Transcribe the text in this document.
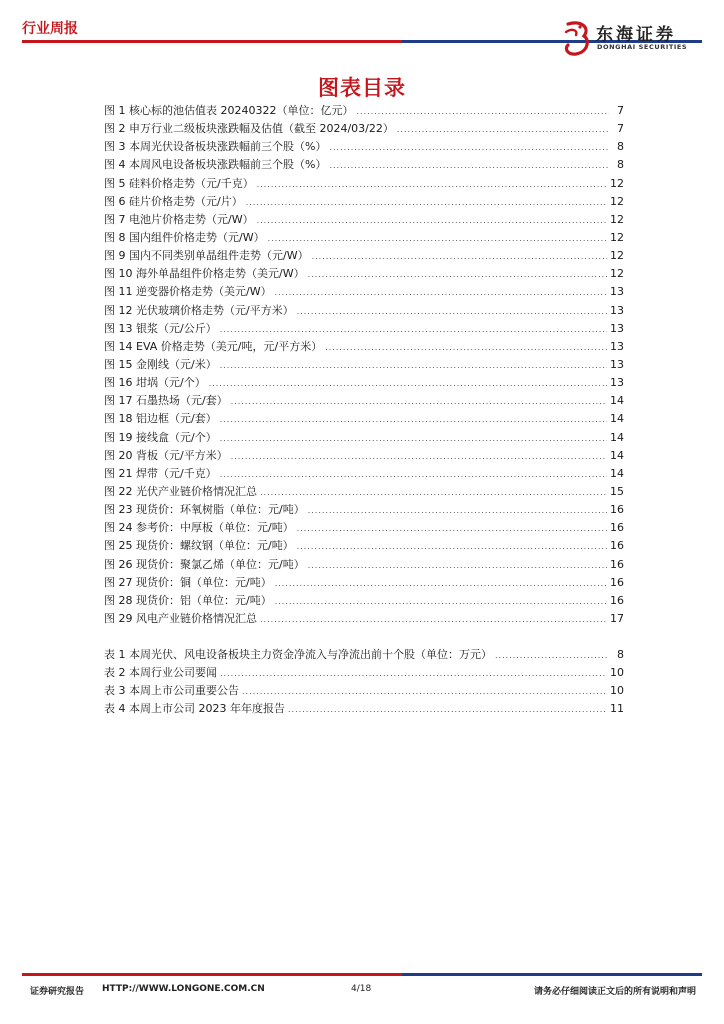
行业周报	东海证券
DONGHAI SECURITIES
图表目录
图 1 核心标的池估值表 20240322（单位：亿元） .....	7
图 2 申万行业二级板块涨跌幅及估值（截至 2024/03/22） .....	7
图 3 本周光伏设备板块涨跌幅前三个股（%） .....	8
图 4 本周风电设备板块涨跌幅前三个股（%） .....	8
图 5 硅料价格走势（元/千克） .....	12
图 6 硅片价格走势（元/片） .....	12
图 7 电池片价格走势（元/W） .....	12
图 8 国内组件价格走势（元/W） .....	12
图 9 国内不同类别单晶组件走势（元/W） .....	12
图 10 海外单晶组件价格走势（美元/W） .....	12
图 11 逆变器价格走势（美元/W） .....	13
图 12 光伏玻璃价格走势（元/平方米） .....	13
图 13 银浆（元/公斤） .....	13
图 14 EVA 价格走势（美元/吨，元/平方米） .....	13
图 15 金刚线（元/米） .....	13
图 16 坩埚（元/个） .....	13
图 17 石墨热场（元/套） .....	14
图 18 铝边框（元/套） .....	14
图 19 接线盒（元/个） .....	14
图 20 背板（元/平方米） .....	14
图 21 焊带（元/千克） .....	14
图 22 光伏产业链价格情况汇总 .....	15
图 23 现货价：环氧树脂（单位：元/吨） .....	16
图 24 参考价：中厚板（单位：元/吨） .....	16
图 25 现货价：螺纹钢（单位：元/吨） .....	16
图 26 现货价：聚氯乙烯（单位：元/吨） .....	16
图 27 现货价：铜（单位：元/吨） .....	16
图 28 现货价：铝（单位：元/吨） .....	16
图 29 风电产业链价格情况汇总 .....	17
表 1 本周光伏、风电设备板块主力资金净流入与净流出前十个股（单位：万元） .....	8
表 2 本周行业公司要闻 .....	10
表 3 本周上市公司重要公告 .....	10
表 4 本周上市公司 2023 年年度报告 .....	11
证券研究报告 HTTP://WWW.LONGONE.COM.CN	4/18	请务必仔细阅读正文后的所有说明和声明
